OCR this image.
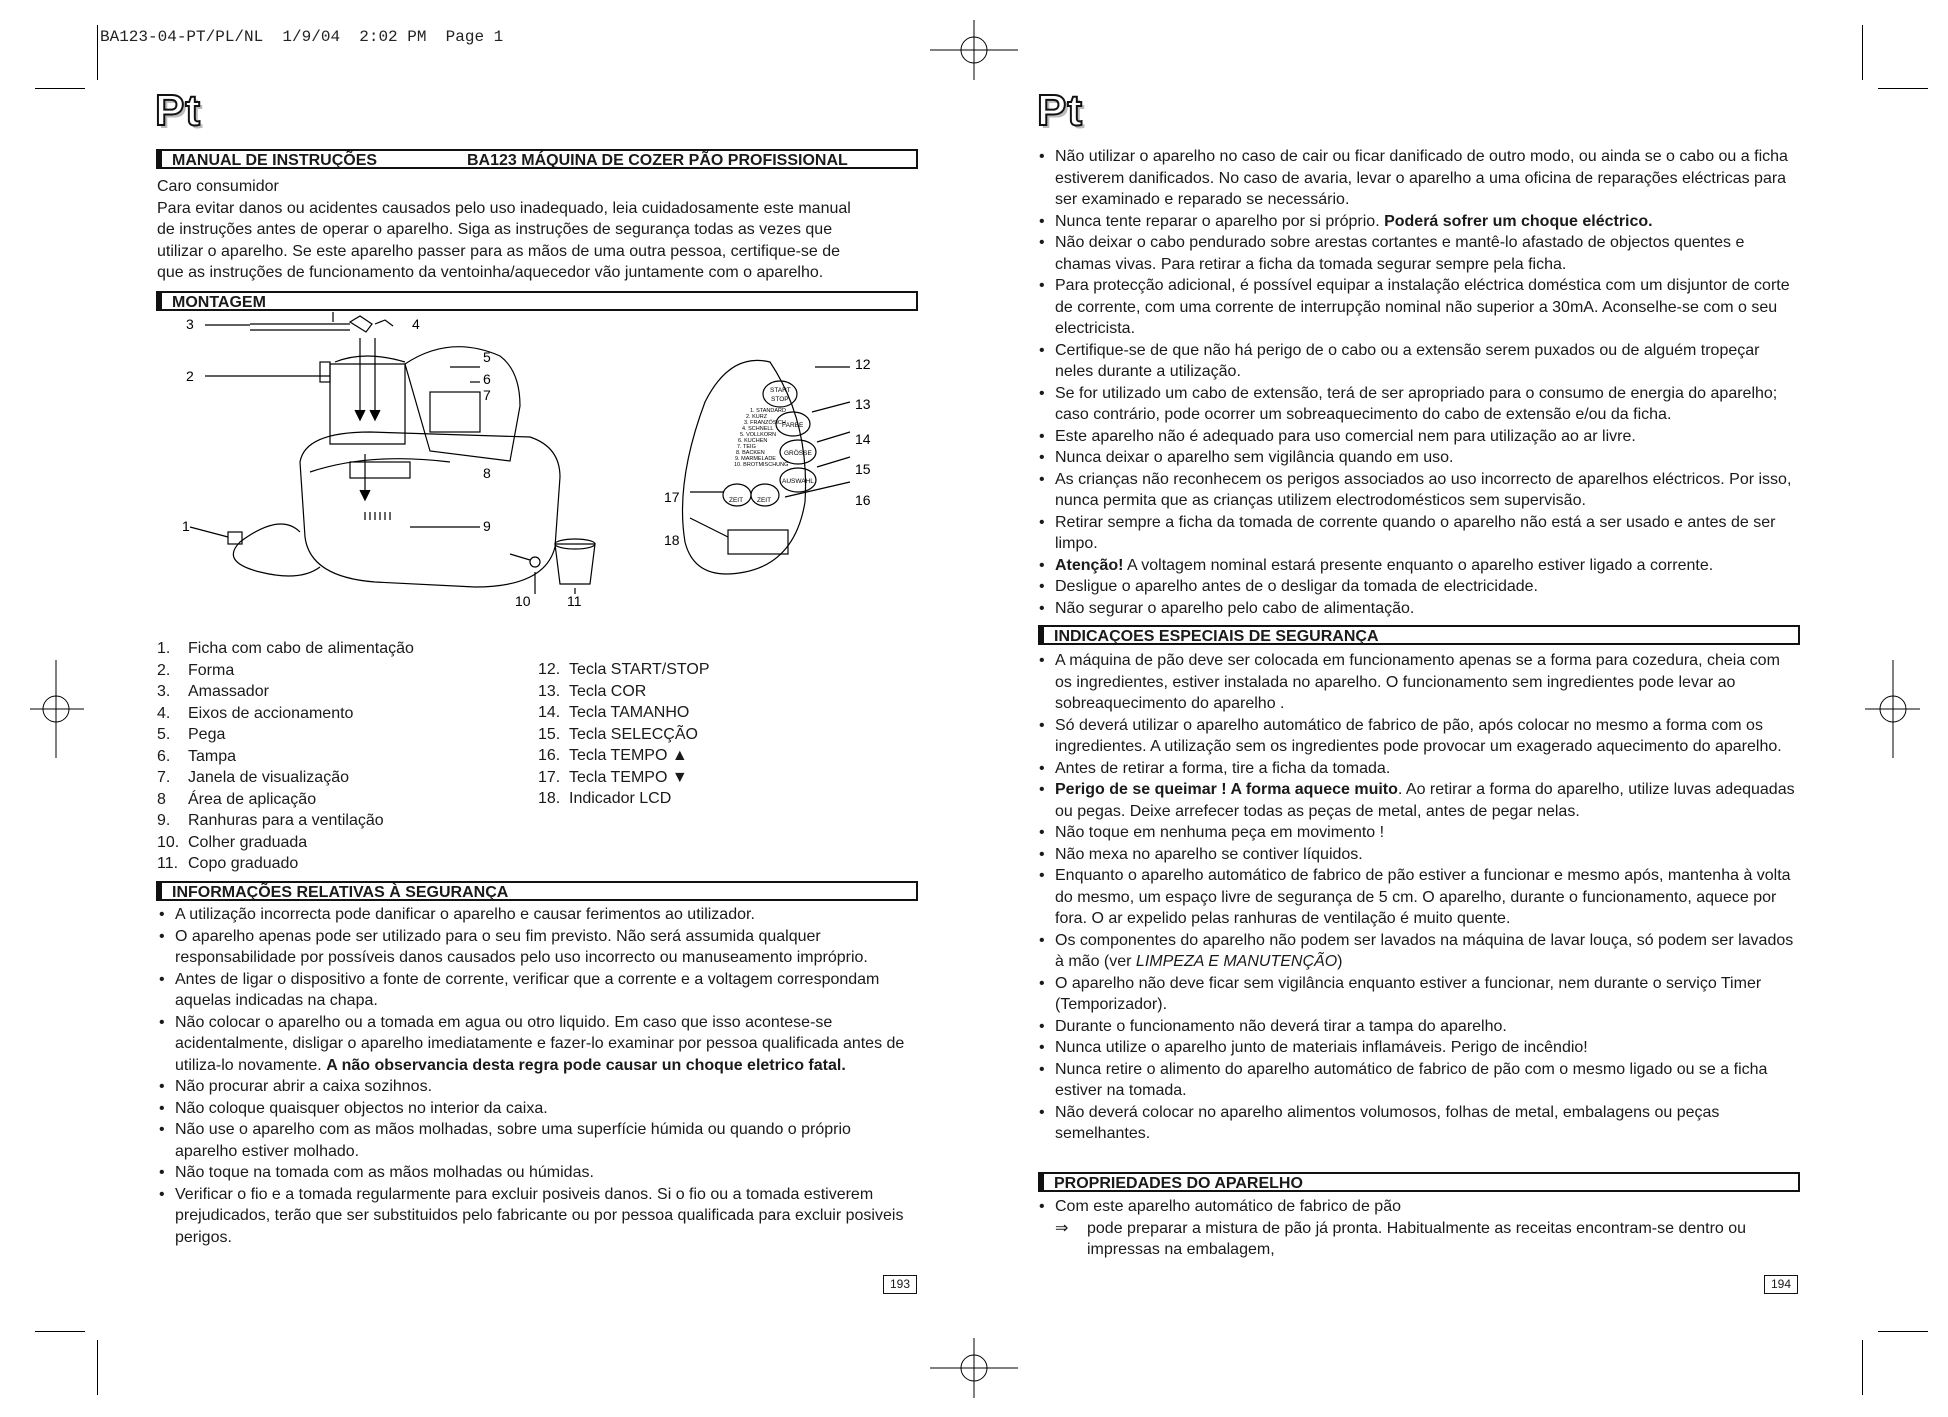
BA123-04-PT/PL/NL  1/9/04  2:02 PM  Page 1
Pt
MANUAL DE INSTRUÇÕES	BA123 MÁQUINA DE COZER PÃO PROFISSIONAL

Caro consumidor

Para evitar danos ou acidentes causados pelo uso inadequado, leia cuidadosamente este manual

de instruções antes de operar o aparelho. Siga as instruções de segurança todas as vezes que

utilizar o aparelho. Se este aparelho passer para as mãos de uma outra pessoa, certifique-se de

que as instruções de funcionamento da ventoinha/aquecedor vão juntamente com o aparelho.

MONTAGEM
START
STOP
FARBE
GRÖSSE
AUSWAHL
ZEIT ZEIT
1. STANDARD
2. KURZ
3. FRANZÖSICH
4. SCHNELL
5. VOLLKORN
6. KUCHEN
7. TEIG
8. BACKEN
9. MARMELADE
10. BROTMISCHUNG
3	4
2
5
6
7
8
9
1
10	11
12
13
14
15
16
17
18
1.	Ficha com cabo de alimentação
2.	Forma
3.	Amassador
4.	Eixos de accionamento
5.	Pega
6.	Tampa
7.	Janela de visualização
8	Área de aplicação
9.	Ranhuras para a ventilação
10. Colher graduada
11. Copo graduado
12. Tecla START/STOP
13. Tecla COR
14. Tecla TAMANHO
15. Tecla SELECÇÃO
16. Tecla TEMPO ▲
17. Tecla TEMPO ▼
18. Indicador LCD
INFORMAÇÕES RELATIVAS À SEGURANÇA
• A utilização incorrecta pode danificar o aparelho e causar ferimentos ao utilizador.
• O aparelho apenas pode ser utilizado para o seu fim previsto. Não será assumida qualquer responsabilidade por possíveis danos causados pelo uso incorrecto ou manuseamento impróprio.
• Antes de ligar o dispositivo a fonte de corrente, verificar que a corrente e a voltagem correspondam aquelas indicadas na chapa.
• Não colocar o aparelho ou a tomada em agua ou otro liquido. Em caso que isso acontese-se acidentalmente, disligar o aparelho imediatamente e fazer-lo examinar por pessoa qualificada antes de utiliza-lo novamente. A não observancia desta regra pode causar un choque eletrico fatal.
• Não procurar abrir a caixa sozihnos.
• Não coloque quaisquer objectos no interior da caixa.
• Não use o aparelho com as mãos molhadas, sobre uma superfície húmida ou quando o próprio aparelho estiver molhado.
• Não toque na tomada com as mãos molhadas ou húmidas.
• Verificar o fio e a tomada regularmente para excluir posiveis danos. Si o fio ou a tomada estiverem prejudicados, terão que ser substituidos pelo fabricante ou por pessoa qualificada para excluir posiveis perigos.
193
Pt
• Não utilizar o aparelho no caso de cair ou ficar danificado de outro modo, ou ainda se o cabo ou a ficha estiverem danificados. No caso de avaria, levar o aparelho a uma oficina de reparações eléctricas para ser examinado e reparado se necessário.
• Nunca tente reparar o aparelho por si próprio. Poderá sofrer um choque eléctrico.
• Não deixar o cabo pendurado sobre arestas cortantes e mantê-lo afastado de objectos quentes e chamas vivas. Para retirar a ficha da tomada segurar sempre pela ficha.
• Para protecção adicional, é possível equipar a instalação eléctrica doméstica com um disjuntor de corte de corrente, com uma corrente de interrupção nominal não superior a 30mA. Aconselhe-se com o seu electricista.
• Certifique-se de que não há perigo de o cabo ou a extensão serem puxados ou de alguém tropeçar neles durante a utilização.
• Se for utilizado um cabo de extensão, terá de ser apropriado para o consumo de energia do aparelho; caso contrário, pode ocorrer um sobreaquecimento do cabo de extensão e/ou da ficha.
• Este aparelho não é adequado para uso comercial nem para utilização ao ar livre.
• Nunca deixar o aparelho sem vigilância quando em uso.
• As crianças não reconhecem os perigos associados ao uso incorrecto de aparelhos eléctricos. Por isso, nunca permita que as crianças utilizem electrodomésticos sem supervisão.
• Retirar sempre a ficha da tomada de corrente quando o aparelho não está a ser usado e antes de ser limpo.
• Atenção! A voltagem nominal estará presente enquanto o aparelho estiver ligado a corrente.
• Desligue o aparelho antes de o desligar da tomada de electricidade.
• Não segurar o aparelho pelo cabo de alimentação.
INDICAÇOES ESPECIAIS DE SEGURANÇA
• A máquina de pão deve ser colocada em funcionamento apenas se a forma para cozedura, cheia com os ingredientes, estiver instalada no aparelho. O funcionamento sem ingredientes pode levar ao sobreaquecimento do aparelho .
• Só deverá utilizar o aparelho automático de fabrico de pão, após colocar no mesmo a forma com os ingredientes. A utilização sem os ingredientes pode provocar um exagerado aquecimento do aparelho.
• Antes de retirar a forma, tire a ficha da tomada.
• Perigo de se queimar ! A forma aquece muito. Ao retirar a forma do aparelho, utilize luvas adequadas ou pegas. Deixe arrefecer todas as peças de metal, antes de pegar nelas.
• Não toque em nenhuma peça em movimento !
• Não mexa no aparelho se contiver líquidos.
• Enquanto o aparelho automático de fabrico de pão estiver a funcionar e mesmo após, mantenha à volta do mesmo, um espaço livre de segurança de 5 cm. O aparelho, durante o funcionamento, aquece por fora. O ar expelido pelas ranhuras de ventilação é muito quente.
• Os componentes do aparelho não podem ser lavados na máquina de lavar louça, só podem ser lavados à mão (ver LIMPEZA E MANUTENÇÃO)
• O aparelho não deve ficar sem vigilância enquanto estiver a funcionar, nem durante o serviço Timer (Temporizador).
• Durante o funcionamento não deverá tirar a tampa do aparelho.
• Nunca utilize o aparelho junto de materiais inflamáveis. Perigo de incêndio!
• Nunca retire o alimento do aparelho automático de fabrico de pão com o mesmo ligado ou se a ficha estiver na tomada.
• Não deverá colocar no aparelho alimentos volumosos, folhas de metal, embalagens ou peças semelhantes.
PROPRIEDADES DO APARELHO
• Com este aparelho automático de fabrico de pão
⇒ pode preparar a mistura de pão já pronta. Habitualmente as receitas encontram-se dentro ou impressas na embalagem,
194
